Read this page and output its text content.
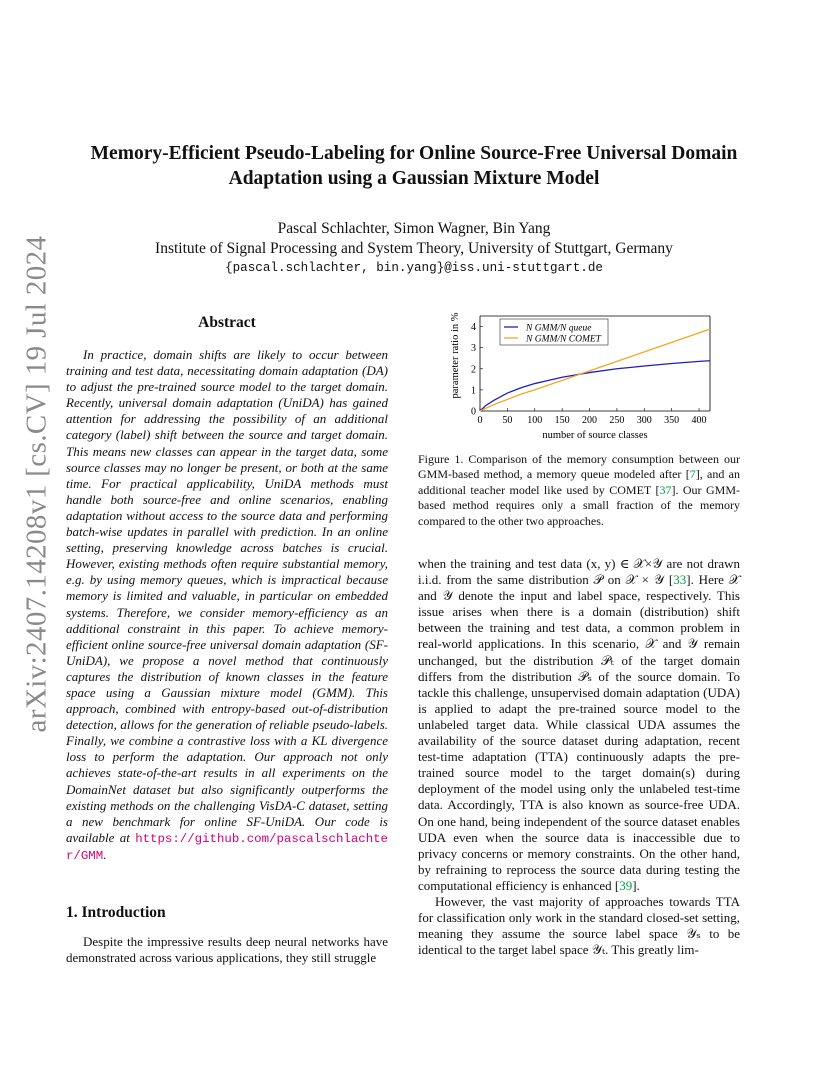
arXiv:2407.14208v1 [cs.CV] 19 Jul 2024
Memory-Efficient Pseudo-Labeling for Online Source-Free Universal Domain Adaptation using a Gaussian Mixture Model
Pascal Schlachter, Simon Wagner, Bin Yang
Institute of Signal Processing and System Theory, University of Stuttgart, Germany
{pascal.schlachter, bin.yang}@iss.uni-stuttgart.de
Abstract
In practice, domain shifts are likely to occur between training and test data, necessitating domain adaptation (DA) to adjust the pre-trained source model to the target domain. Recently, universal domain adaptation (UniDA) has gained attention for addressing the possibility of an additional category (label) shift between the source and target domain. This means new classes can appear in the target data, some source classes may no longer be present, or both at the same time. For practical applicability, UniDA methods must handle both source-free and online scenarios, enabling adaptation without access to the source data and performing batch-wise updates in parallel with prediction. In an online setting, preserving knowledge across batches is crucial. However, existing methods often require substantial memory, e.g. by using memory queues, which is impractical because memory is limited and valuable, in particular on embedded systems. Therefore, we consider memory-efficiency as an additional constraint in this paper. To achieve memory-efficient online source-free universal domain adaptation (SF-UniDA), we propose a novel method that continuously captures the distribution of known classes in the feature space using a Gaussian mixture model (GMM). This approach, combined with entropy-based out-of-distribution detection, allows for the generation of reliable pseudo-labels. Finally, we combine a contrastive loss with a KL divergence loss to perform the adaptation. Our approach not only achieves state-of-the-art results in all experiments on the DomainNet dataset but also significantly outperforms the existing methods on the challenging VisDA-C dataset, setting a new benchmark for online SF-UniDA. Our code is available at https://github.com/pascalschlachter/GMM.
1. Introduction
Despite the impressive results deep neural networks have demonstrated across various applications, they still struggle
0 50 100 150 200 250 300 350 400
0
1
2
3
4
number of source classes
parameter ratio in %	N GMM/N queue
N GMM/N COMET
Figure 1. Comparison of the memory consumption between our GMM-based method, a memory queue modeled after [7], and an additional teacher model like used by COMET [37]. Our GMM-based method requires only a small fraction of the memory compared to the other two approaches.

when the training and test data (x, y) ∈ 𝒳×𝒴 are not drawn i.i.d. from the same distribution 𝒫 on 𝒳 × 𝒴 [33]. Here 𝒳 and 𝒴 denote the input and label space, respectively. This issue arises when there is a domain (distribution) shift between the training and test data, a common problem in real-world applications. In this scenario, 𝒳 and 𝒴 remain unchanged, but the distribution 𝒫ₜ of the target domain differs from the distribution 𝒫ₛ of the source domain. To tackle this challenge, unsupervised domain adaptation (UDA) is applied to adapt the pre-trained source model to the unlabeled target data. While classical UDA assumes the availability of the source dataset during adaptation, recent test-time adaptation (TTA) continuously adapts the pre-trained source model to the target domain(s) during deployment of the model using only the unlabeled test-time data. Accordingly, TTA is also known as source-free UDA. On one hand, being independent of the source dataset enables UDA even when the source data is inaccessible due to privacy concerns or memory constraints. On the other hand, by refraining to reprocess the source data during testing the computational efficiency is enhanced [39].

However, the vast majority of approaches towards TTA for classification only work in the standard closed-set setting, meaning they assume the source label space 𝒴ₛ to be identical to the target label space 𝒴ₜ. This greatly lim-
